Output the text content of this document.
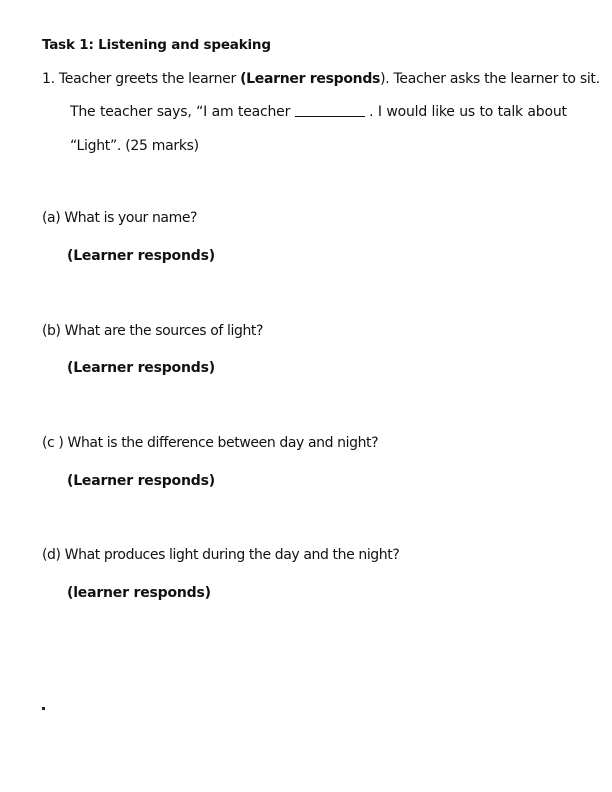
Task 1: Listening and speaking
1. Teacher greets the learner (Learner responds). Teacher asks the learner to sit.
The teacher says, “I am teacher	. I would like us to talk about
“Light”. (25 marks)
(a) What is your name?
(Learner responds)
(b) What are the sources of light?
(Learner responds)
(c ) What is the difference between day and night?
(Learner responds)
(d) What produces light during the day and the night?
(learner responds)
